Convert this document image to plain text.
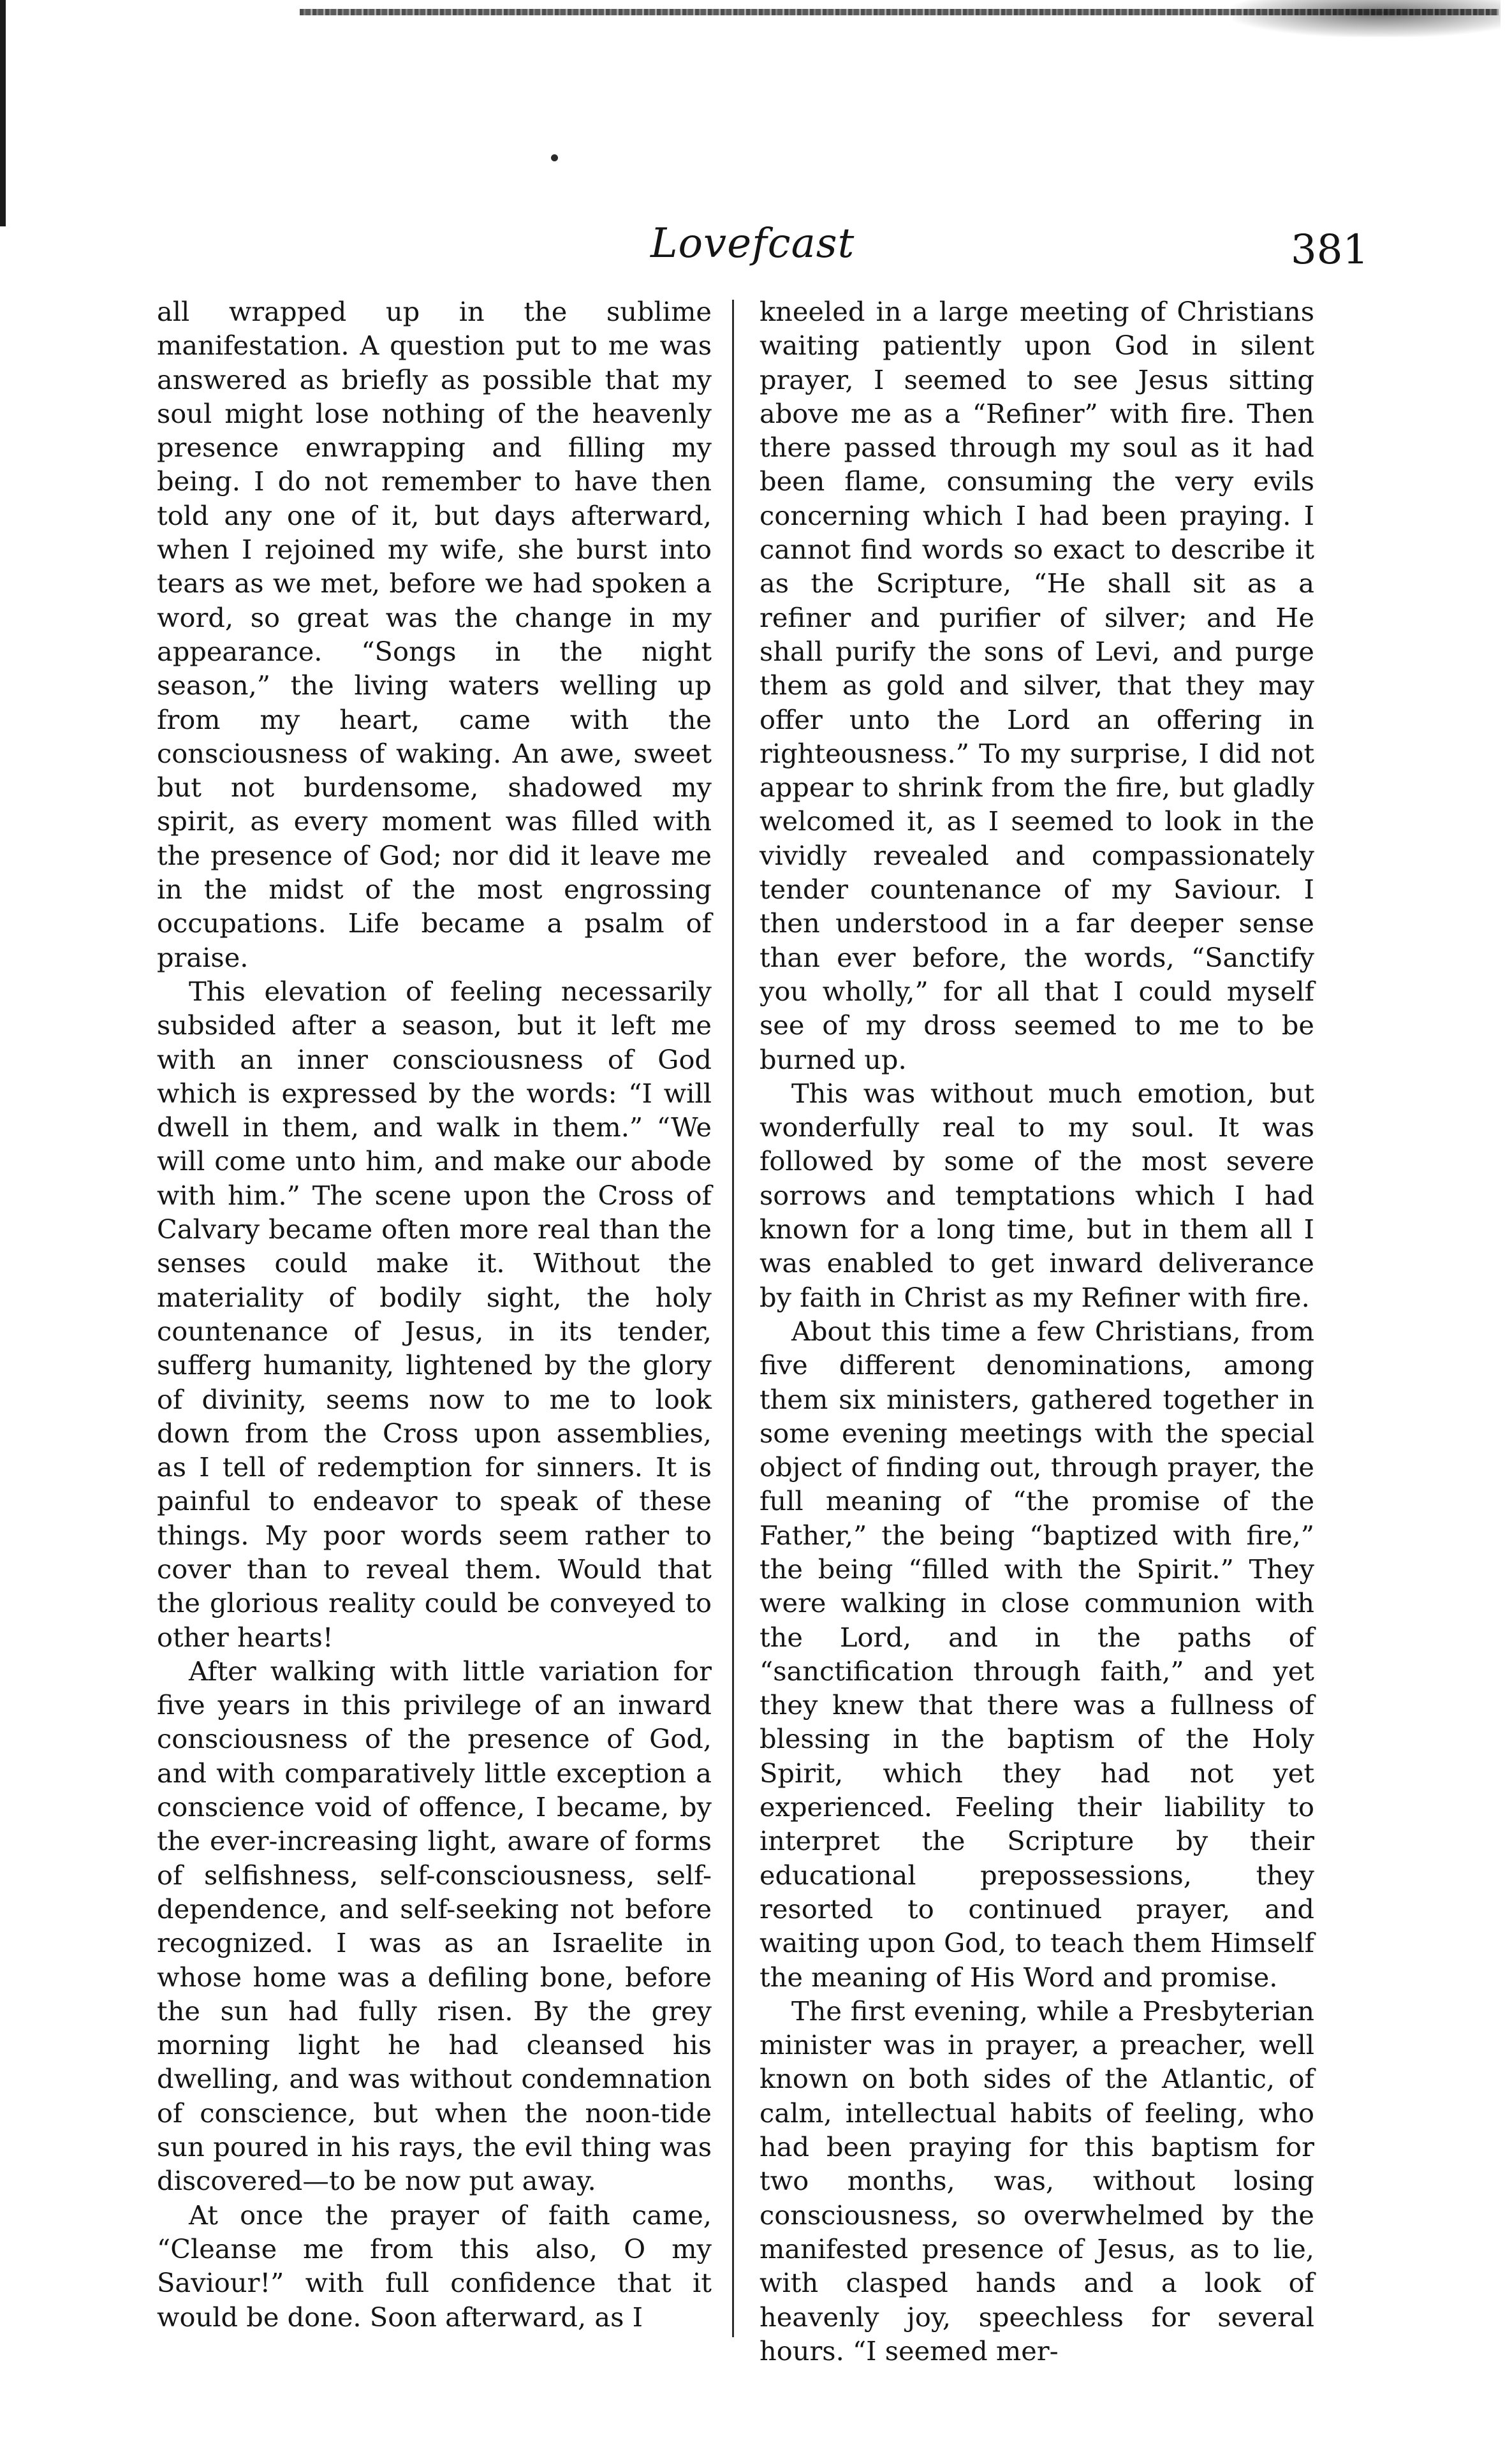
Lovefcast	381

all wrapped up in the sublime manifestation. A question put to me was answered as briefly as possible that my soul might lose nothing of the heavenly presence enwrapping and filling my being. I do not remember to have then told any one of it, but days afterward, when I rejoined my wife, she burst into tears as we met, before we had spoken a word, so great was the change in my appearance. “Songs in the night season,” the living waters welling up from my heart, came with the consciousness of waking. An awe, sweet but not burdensome, shadowed my spirit, as every moment was filled with the presence of God; nor did it leave me in the midst of the most engrossing occupations. Life became a psalm of praise.

This elevation of feeling necessarily subsided after a season, but it left me with an inner consciousness of God which is expressed by the words: “I will dwell in them, and walk in them.” “We will come unto him, and make our abode with him.” The scene upon the Cross of Calvary became often more real than the senses could make it. Without the materiality of bodily sight, the holy countenance of Jesus, in its tender, sufferg humanity, lightened by the glory of divinity, seems now to me to look down from the Cross upon assemblies, as I tell of redemption for sinners. It is painful to endeavor to speak of these things. My poor words seem rather to cover than to reveal them. Would that the glorious reality could be conveyed to other hearts!

After walking with little variation for five years in this privilege of an inward consciousness of the presence of God, and with comparatively little exception a conscience void of offence, I became, by the ever-increasing light, aware of forms of selfishness, self-consciousness, self-dependence, and self-seeking not before recognized. I was as an Israelite in whose home was a defiling bone, before the sun had fully risen. By the grey morning light he had cleansed his dwelling, and was without condemnation of conscience, but when the noon-tide sun poured in his rays, the evil thing was discovered—to be now put away.

At once the prayer of faith came, “Cleanse me from this also, O my Saviour!” with full confidence that it would be done. Soon afterward, as I

kneeled in a large meeting of Christians waiting patiently upon God in silent prayer, I seemed to see Jesus sitting above me as a “Refiner” with fire. Then there passed through my soul as it had been flame, consuming the very evils concerning which I had been praying. I cannot find words so exact to describe it as the Scripture, “He shall sit as a refiner and purifier of silver; and He shall purify the sons of Levi, and purge them as gold and silver, that they may offer unto the Lord an offering in righteousness.” To my surprise, I did not appear to shrink from the fire, but gladly welcomed it, as I seemed to look in the vividly revealed and compassionately tender countenance of my Saviour. I then understood in a far deeper sense than ever before, the words, “Sanctify you wholly,” for all that I could myself see of my dross seemed to me to be burned up.

This was without much emotion, but wonderfully real to my soul. It was followed by some of the most severe sorrows and temptations which I had known for a long time, but in them all I was enabled to get inward deliverance by faith in Christ as my Refiner with fire.

About this time a few Christians, from five different denominations, among them six ministers, gathered together in some evening meetings with the special object of finding out, through prayer, the full meaning of “the promise of the Father,” the being “baptized with fire,” the being “filled with the Spirit.” They were walking in close communion with the Lord, and in the paths of “sanctification through faith,” and yet they knew that there was a fullness of blessing in the baptism of the Holy Spirit, which they had not yet experienced. Feeling their liability to interpret the Scripture by their educational prepossessions, they resorted to continued prayer, and waiting upon God, to teach them Himself the meaning of His Word and promise.

The first evening, while a Presbyterian minister was in prayer, a preacher, well known on both sides of the Atlantic, of calm, intellectual habits of feeling, who had been praying for this baptism for two months, was, without losing consciousness, so overwhelmed by the manifested presence of Jesus, as to lie, with clasped hands and a look of heavenly joy, speechless for several hours. “I seemed mer-
